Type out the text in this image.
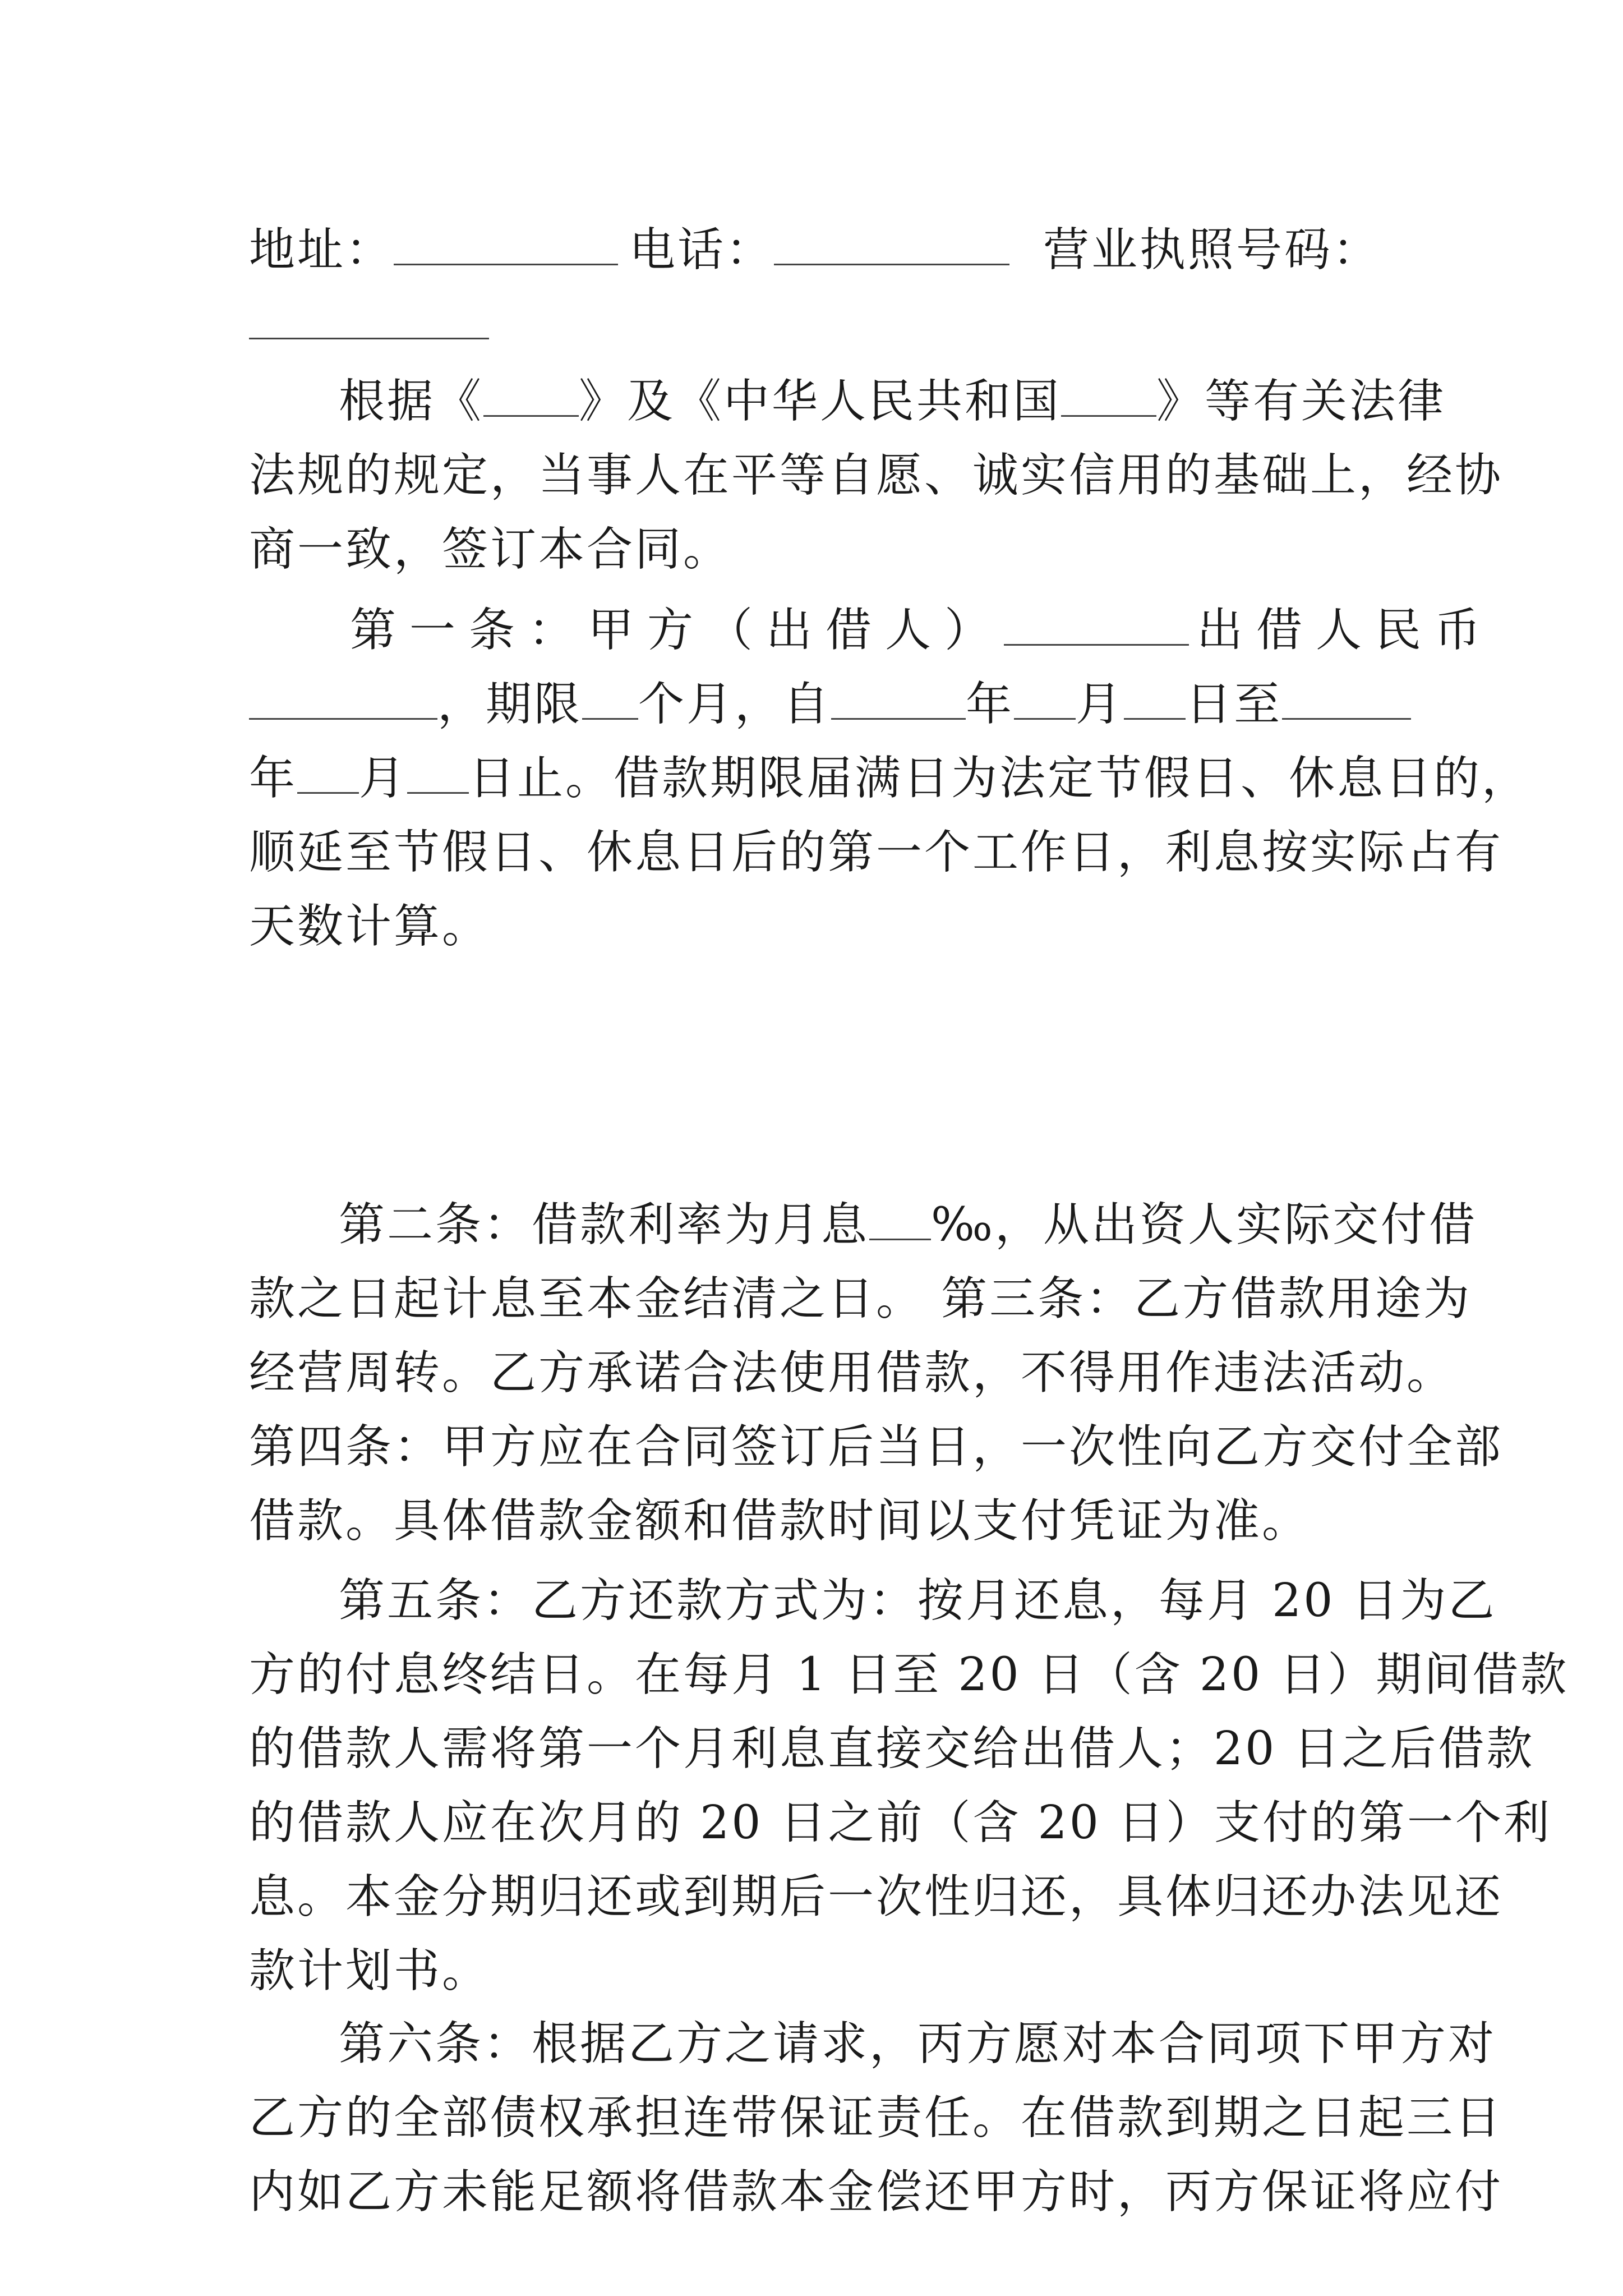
地址：	电话：	营业执照号码：
根据《 》及《中华人民共和国 》等有关法律
法规的规定，当事人在平等自愿、诚实信用的基础上，经协
商一致，签订本合同。
第一条：甲方（出借人）	出借人民币
，期限 个月，自	年 月 日至
年 月 日止。借款期限届满日为法定节假日、休息日的，
顺延至节假日、休息日后的第一个工作日，利息按实际占有
天数计算。
第二条：借款利率为月息 ‰，从出资人实际交付借
款之日起计息至本金结清之日。 第三条：乙方借款用途为
经营周转。乙方承诺合法使用借款，不得用作违法活动。
第四条：甲方应在合同签订后当日，一次性向乙方交付全部
借款。具体借款金额和借款时间以支付凭证为准。
第五条：乙方还款方式为：按月还息，每月 20 日为乙
方的付息终结日。在每月 1 日至 20 日（含 20 日）期间借款
的借款人需将第一个月利息直接交给出借人；20 日之后借款
的借款人应在次月的 20 日之前（含 20 日）支付的第一个利
息。本金分期归还或到期后一次性归还，具体归还办法见还
款计划书。
第六条：根据乙方之请求，丙方愿对本合同项下甲方对
乙方的全部债权承担连带保证责任。在借款到期之日起三日
内如乙方未能足额将借款本金偿还甲方时，丙方保证将应付
